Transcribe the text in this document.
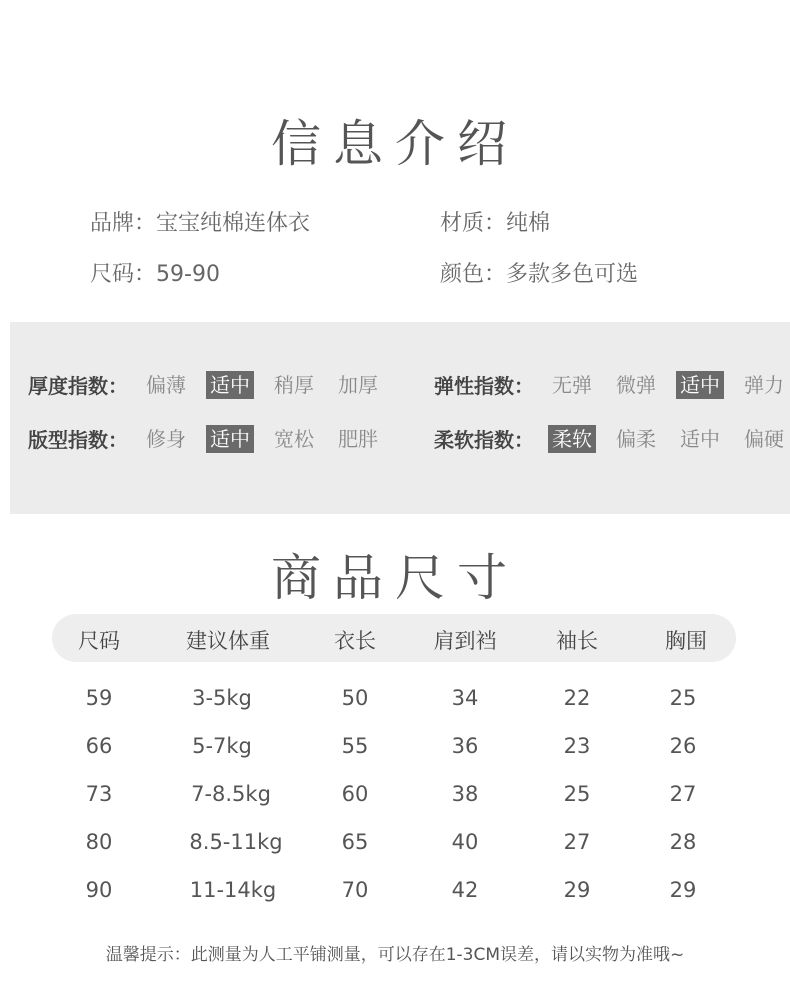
信息介绍
品牌：宝宝纯棉连体衣	材质：纯棉
尺码：59-90	颜色：多款多色可选
厚度指数： 偏薄 适中 稍厚 加厚	弹性指数： 无弹 微弹 适中 弹力
版型指数： 修身 适中 宽松 肥胖	柔软指数： 柔软 偏柔 适中 偏硬
商品尺寸
尺码	建议体重	衣长	肩到裆	袖长	胸围
59	3-5kg	50	34	22	25
66	5-7kg	55	36	23	26
73	7-8.5kg	60	38	25	27
80	8.5-11kg	65	40	27	28
90	11-14kg	70	42	29	29
温馨提示：此测量为人工平铺测量，可以存在1-3CM误差，请以实物为准哦~
